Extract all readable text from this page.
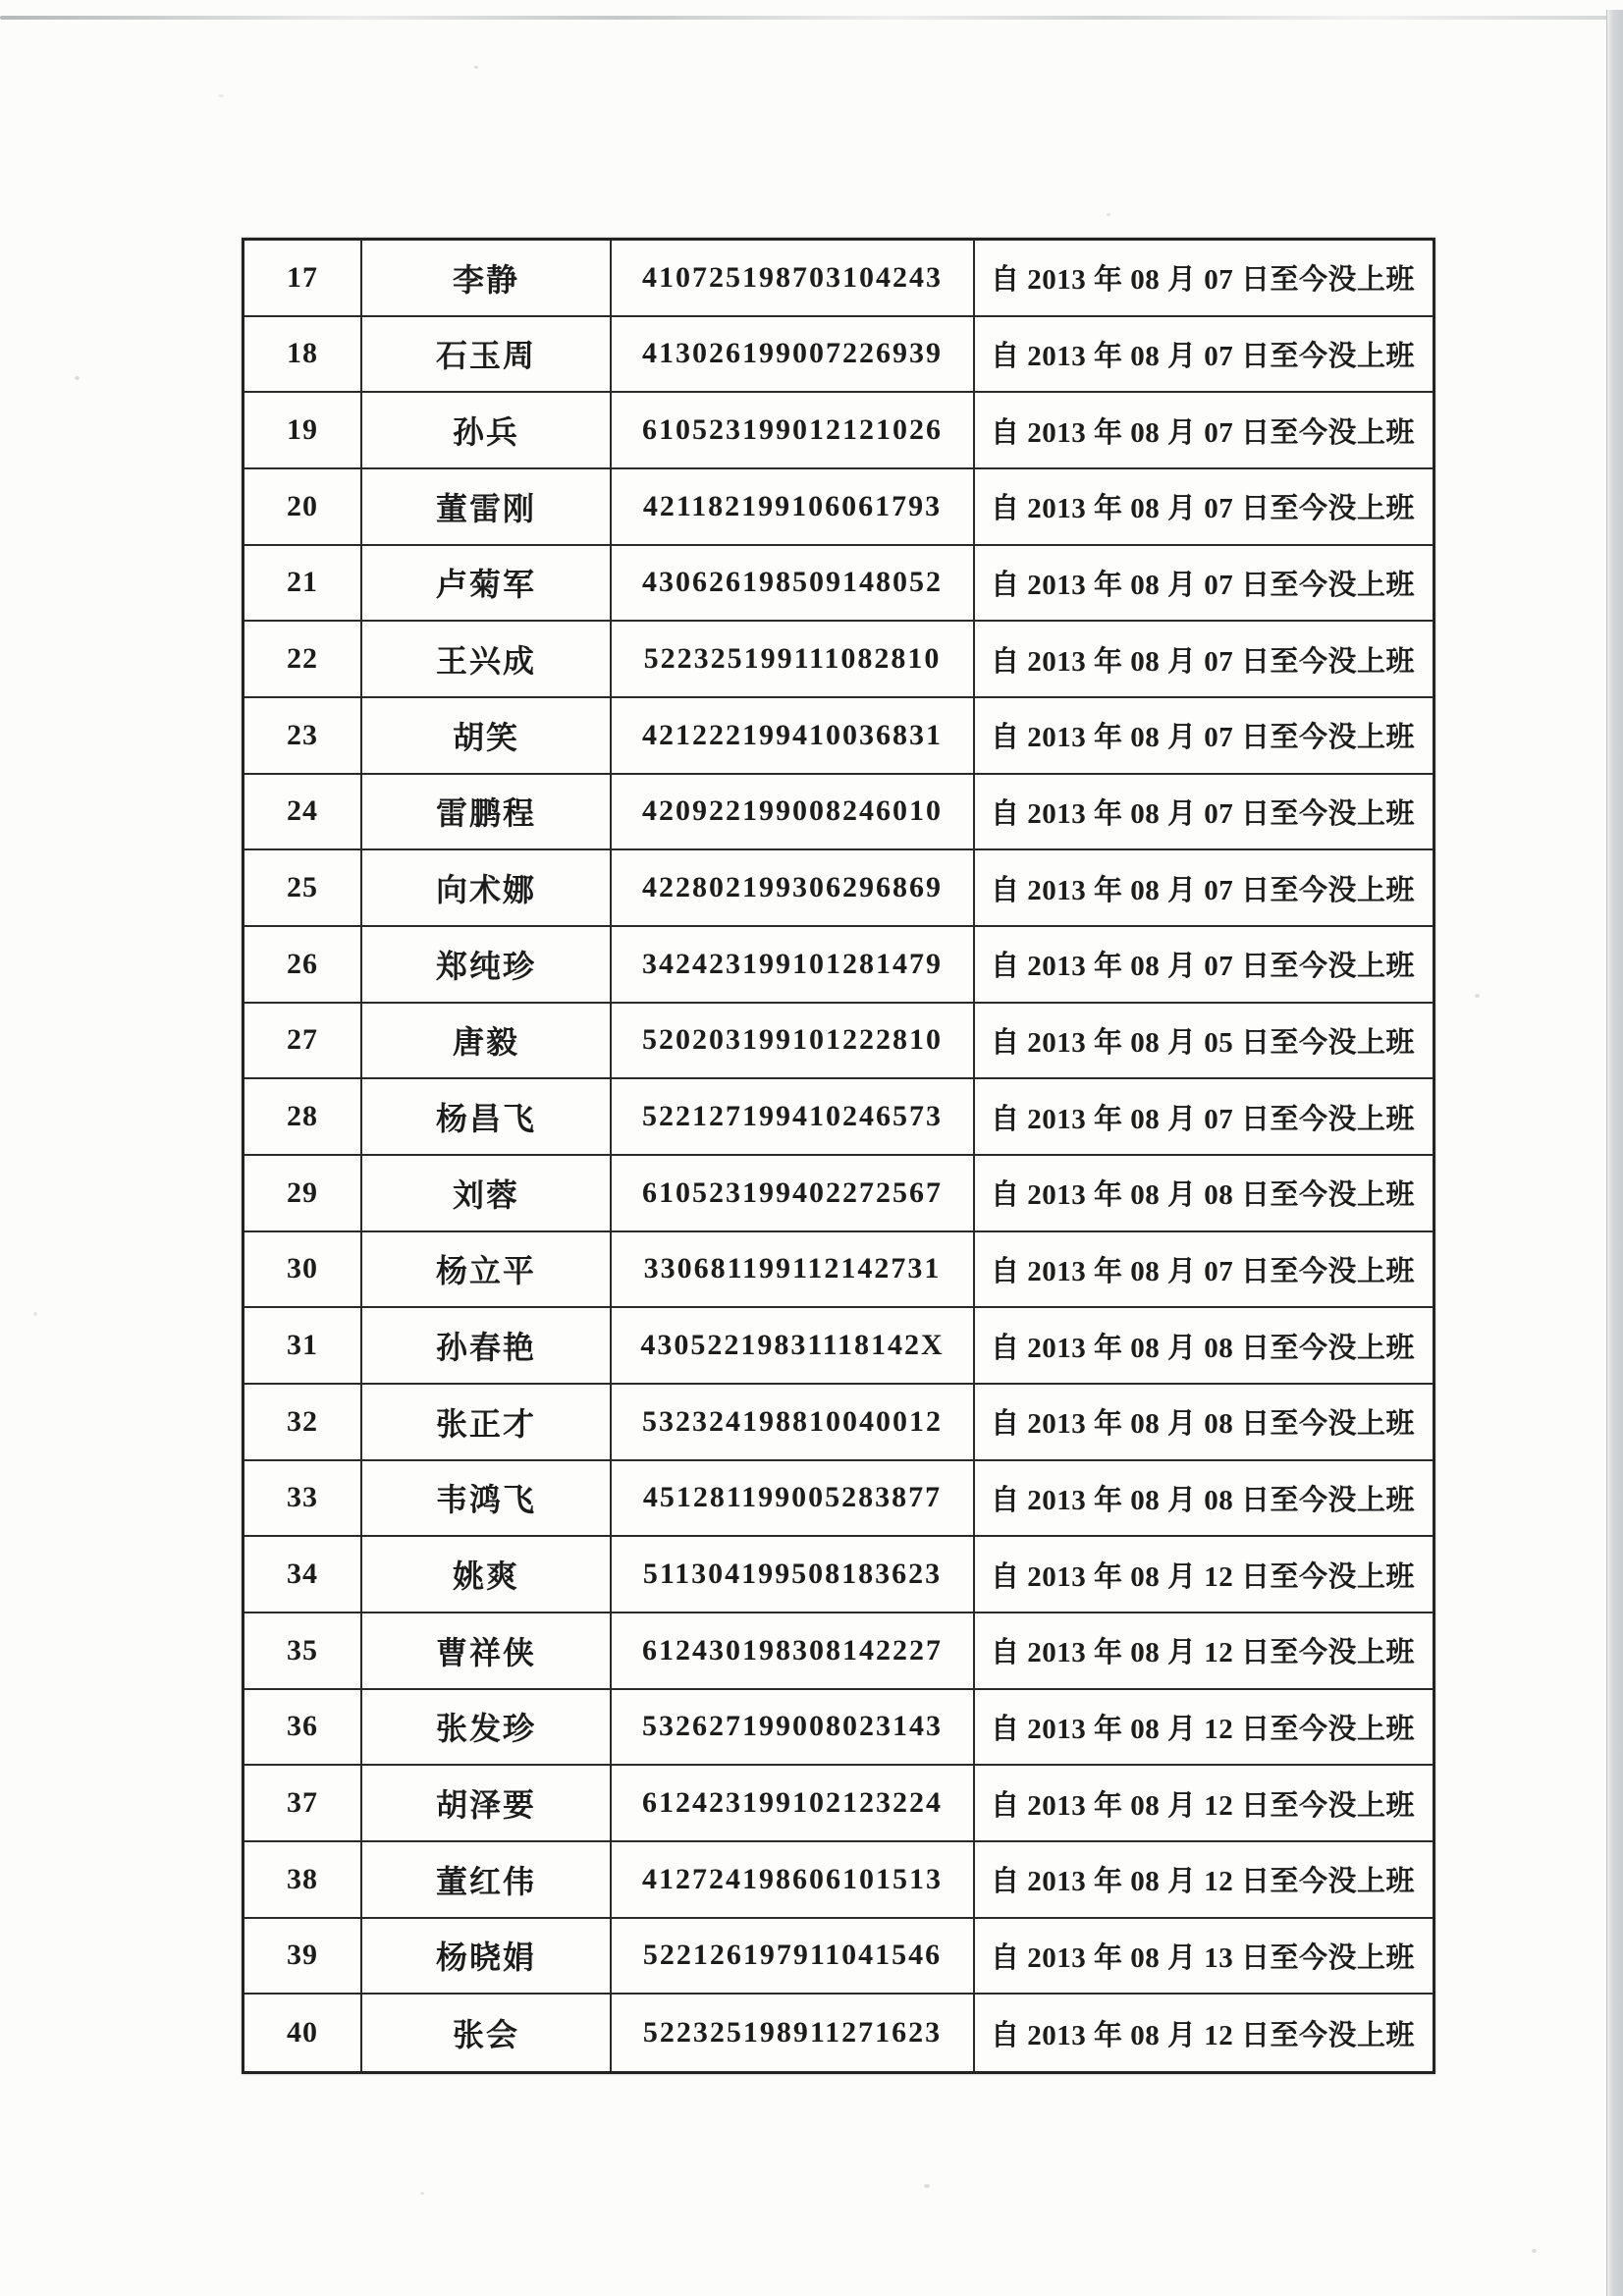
17	李静	410725198703104243	自 2013 年 08 月 07 日至今没上班
18	石玉周	413026199007226939	自 2013 年 08 月 07 日至今没上班
19	孙兵	610523199012121026	自 2013 年 08 月 07 日至今没上班
20	董雷刚	421182199106061793	自 2013 年 08 月 07 日至今没上班
21	卢菊军	430626198509148052	自 2013 年 08 月 07 日至今没上班
22	王兴成	522325199111082810	自 2013 年 08 月 07 日至今没上班
23	胡笑	421222199410036831	自 2013 年 08 月 07 日至今没上班
24	雷鹏程	420922199008246010	自 2013 年 08 月 07 日至今没上班
25	向术娜	422802199306296869	自 2013 年 08 月 07 日至今没上班
26	郑纯珍	342423199101281479	自 2013 年 08 月 07 日至今没上班
27	唐毅	520203199101222810	自 2013 年 08 月 05 日至今没上班
28	杨昌飞	522127199410246573	自 2013 年 08 月 07 日至今没上班
29	刘蓉	610523199402272567	自 2013 年 08 月 08 日至今没上班
30	杨立平	330681199112142731	自 2013 年 08 月 07 日至今没上班
31	孙春艳	43052219831118142X	自 2013 年 08 月 08 日至今没上班
32	张正才	532324198810040012	自 2013 年 08 月 08 日至今没上班
33	韦鸿飞	451281199005283877	自 2013 年 08 月 08 日至今没上班
34	姚爽	511304199508183623	自 2013 年 08 月 12 日至今没上班
35	曹祥侠	612430198308142227	自 2013 年 08 月 12 日至今没上班
36	张发珍	532627199008023143	自 2013 年 08 月 12 日至今没上班
37	胡泽要	612423199102123224	自 2013 年 08 月 12 日至今没上班
38	董红伟	412724198606101513	自 2013 年 08 月 12 日至今没上班
39	杨晓娟	522126197911041546	自 2013 年 08 月 13 日至今没上班
40	张会	522325198911271623	自 2013 年 08 月 12 日至今没上班
